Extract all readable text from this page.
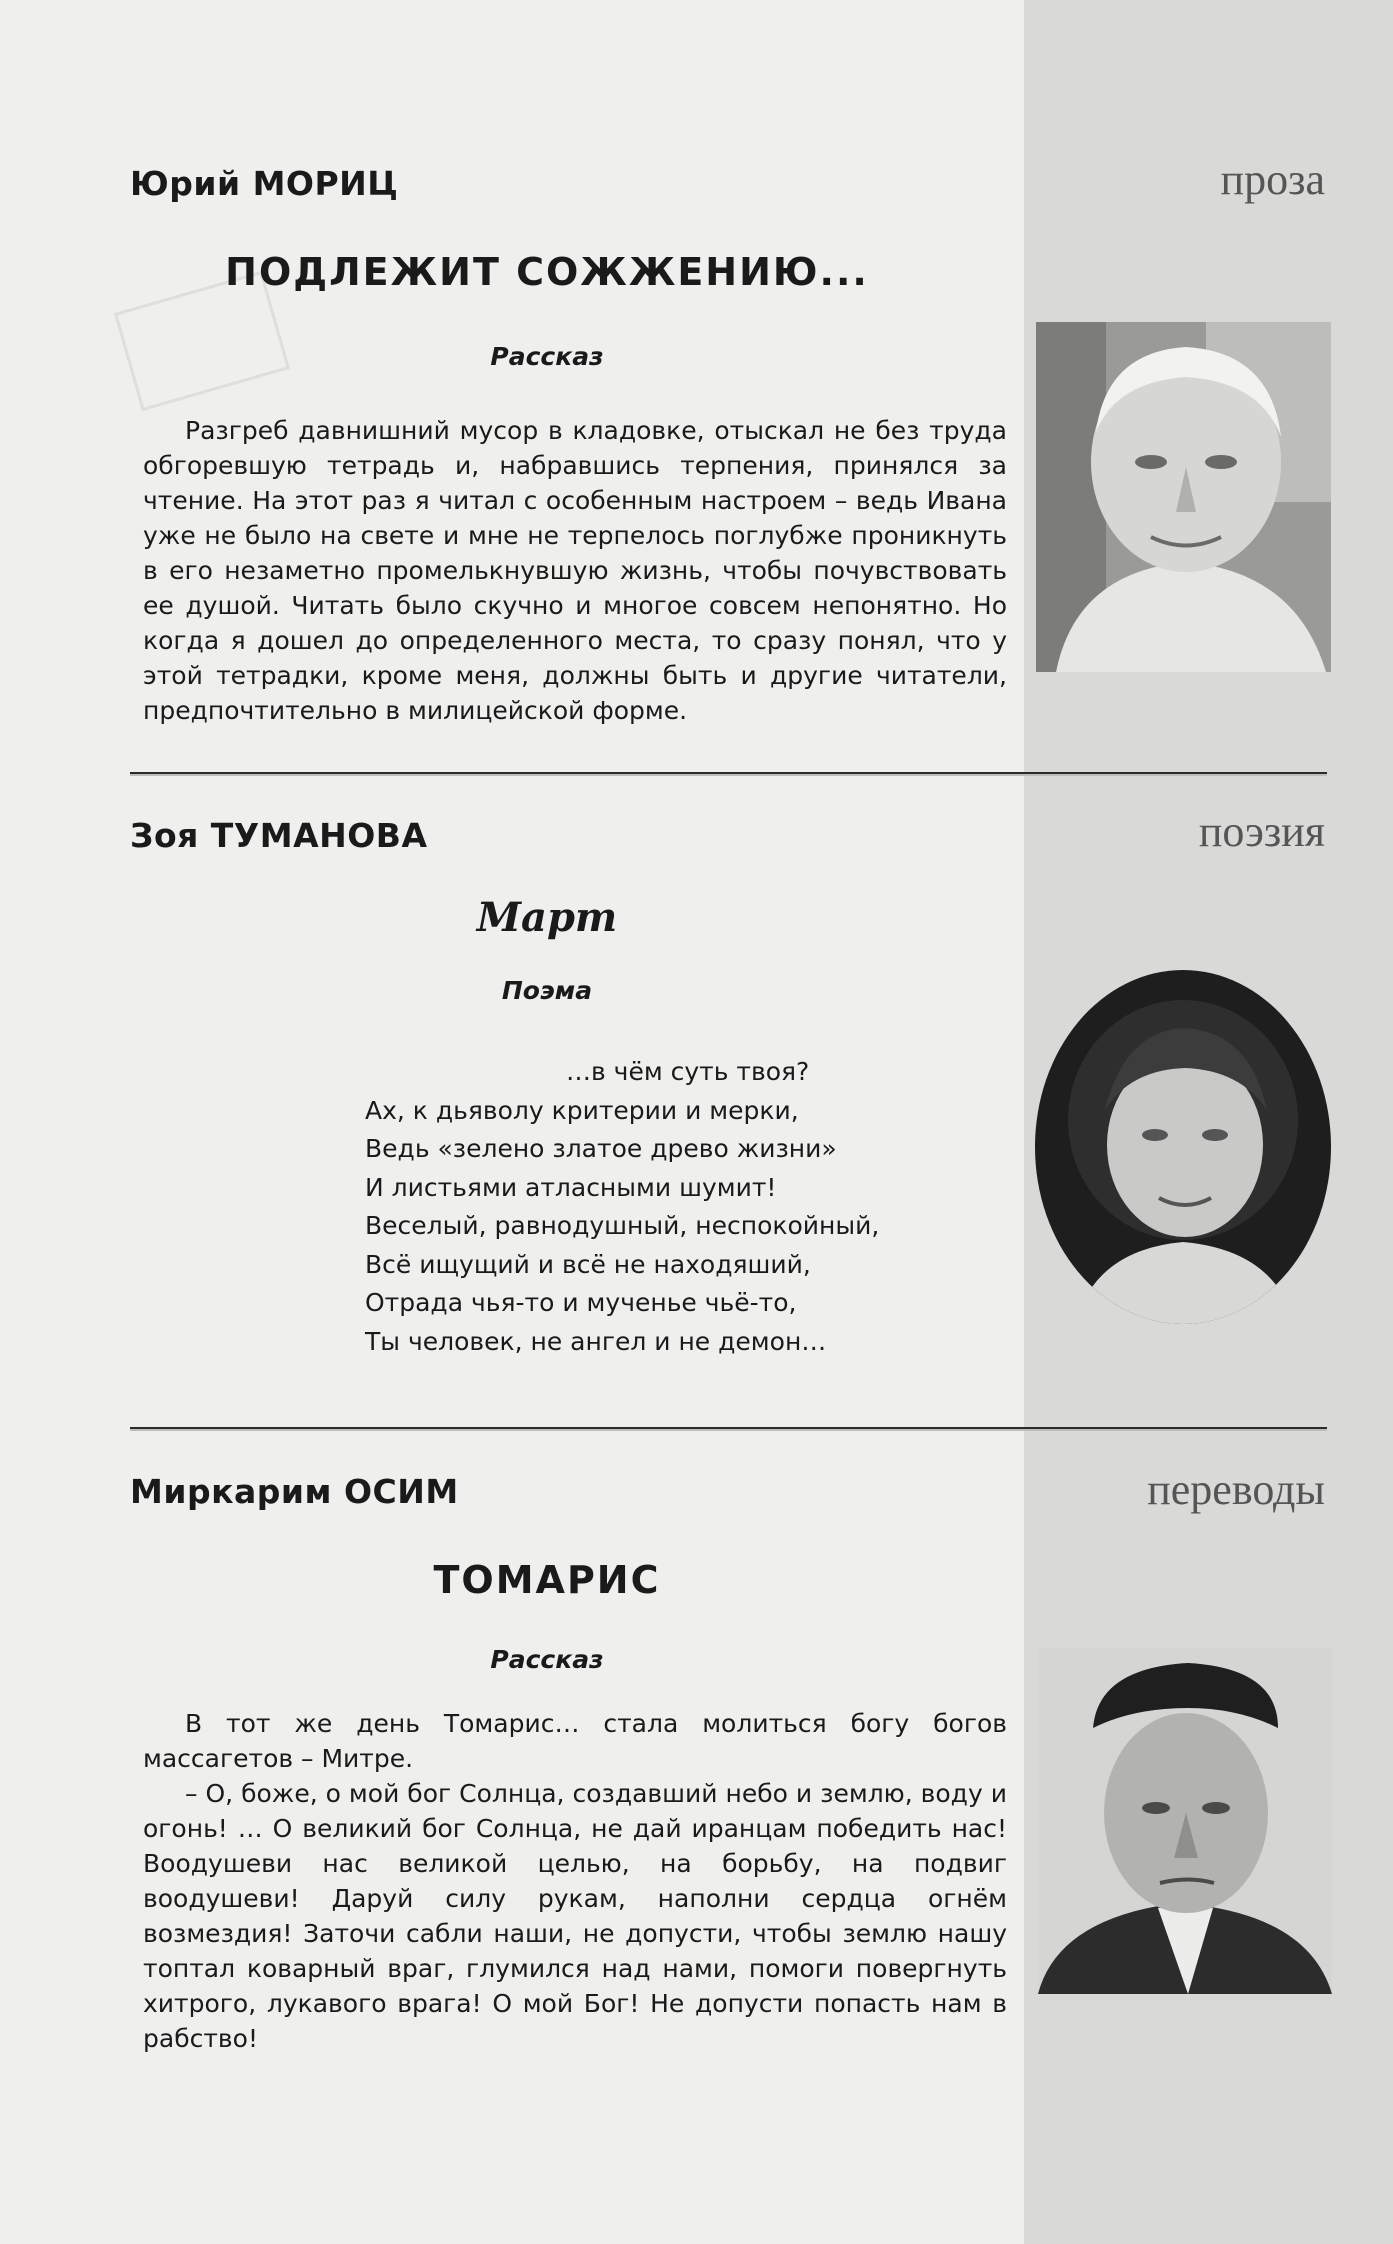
Юрий МОРИЦ	проза
ПОДЛЕЖИТ СОЖЖЕНИЮ...
Рассказ

Разгреб давнишний мусор в кладовке, отыскал не без труда обгоревшую тетрадь и, набравшись терпения, принялся за чтение. На этот раз я читал с особенным настроем – ведь Ивана уже не было на свете и мне не терпелось поглубже проникнуть в его незаметно промелькнувшую жизнь, чтобы почувствовать ее душой. Читать было скучно и многое совсем непонятно. Но когда я дошел до определенного места, то сразу понял, что у этой тетрадки, кроме меня, должны быть и другие читатели, предпочтительно в милицейской форме.

Зоя ТУМАНОВА	поэзия
Март
Поэма
…в чём суть твоя?
Ах, к дьяволу критерии и мерки,
Ведь «зелено златое древо жизни»
И листьями атласными шумит!
Веселый, равнодушный, неспокойный,
Всё ищущий и всё не находяший,
Отрада чья-то и мученье чьё-то,
Ты человек, не ангел и не демон…
Миркарим ОСИМ	переводы
ТОМАРИС
Рассказ

В тот же день Томарис… стала молиться богу богов массагетов – Митре.

– О, боже, о мой бог Солнца, создавший небо и землю, воду и огонь! … О великий бог Солнца, не дай иранцам победить нас! Воодушеви нас великой целью, на борьбу, на подвиг воодушеви! Даруй силу рукам, наполни сердца огнём возмездия! Заточи сабли наши, не допусти, чтобы землю нашу топтал коварный враг, глумился над нами, помоги повергнуть хитрого, лукавого врага! О мой Бог! Не допусти попасть нам в рабство!
